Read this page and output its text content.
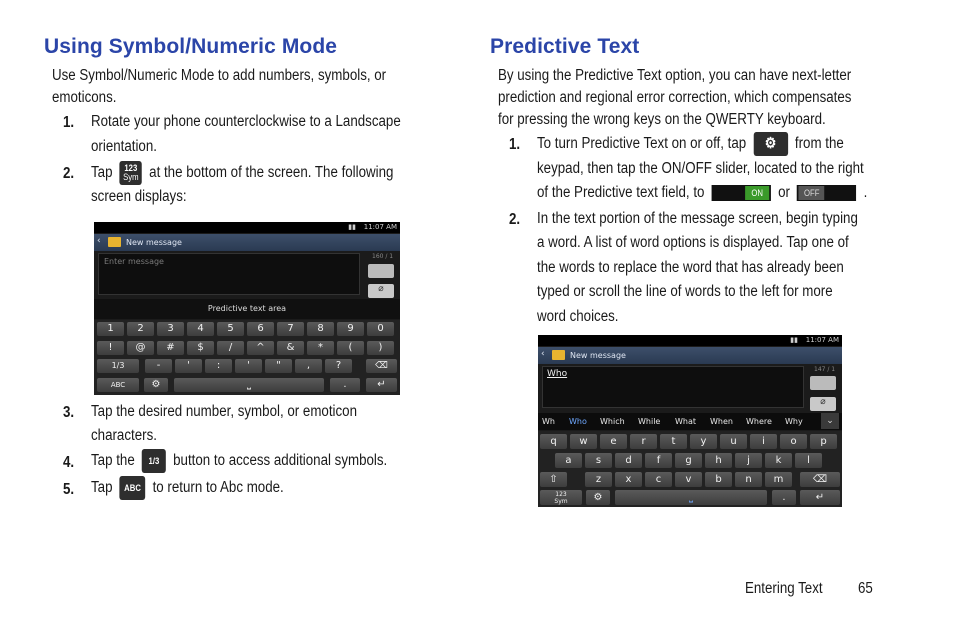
Using Symbol/Numeric Mode
Use Symbol/Numeric Mode to add numbers, symbols, or
emoticons.
1. Rotate your phone counterclockwise to a Landscape
orientation.
2. Tap	123
Sym at the bottom of the screen. The following
screen displays:
▮▮ 11:07 AM
‹	New message
Enter message
160 / 1
⌀
Predictive text area
1	2	3	4	5	6	7	8	9	0
!	@	#	$	/	^	&	*	(	)
1/3	-	'	:	'	"	,	?	⌫
ABC	⚙	⎵	.	↵
3. Tap the desired number, symbol, or emoticon
characters.
4. Tap the 1/3 button to access additional symbols.
5. Tap ABC to return to Abc mode.
Predictive Text
By using the Predictive Text option, you can have next-letter
prediction and regional error correction, which compensates
for pressing the wrong keys on the QWERTY keyboard.
1. To turn Predictive Text on or off, tap ⚙ from the
keypad, then tap the ON/OFF slider, located to the right
of the Predictive text field, to	ON or	OFF	.
2. In the text portion of the message screen, begin typing
a word. A list of word options is displayed. Tap one of
the words to replace the word that has already been
typed or scroll the line of words to the left for more
word choices.
▮▮ 11:07 AM
‹	New message
Who	147 / 1
⌀
Wh Who Which While What When Where Why	⌄
q	w	e	r	t	y	u	i	o	p
a	s	d	f	g	h	j	k	l
⇧	z	x	c	v	b	n	m	⌫
123
Sym	⚙	⎵	.	↵
Entering Text 65
